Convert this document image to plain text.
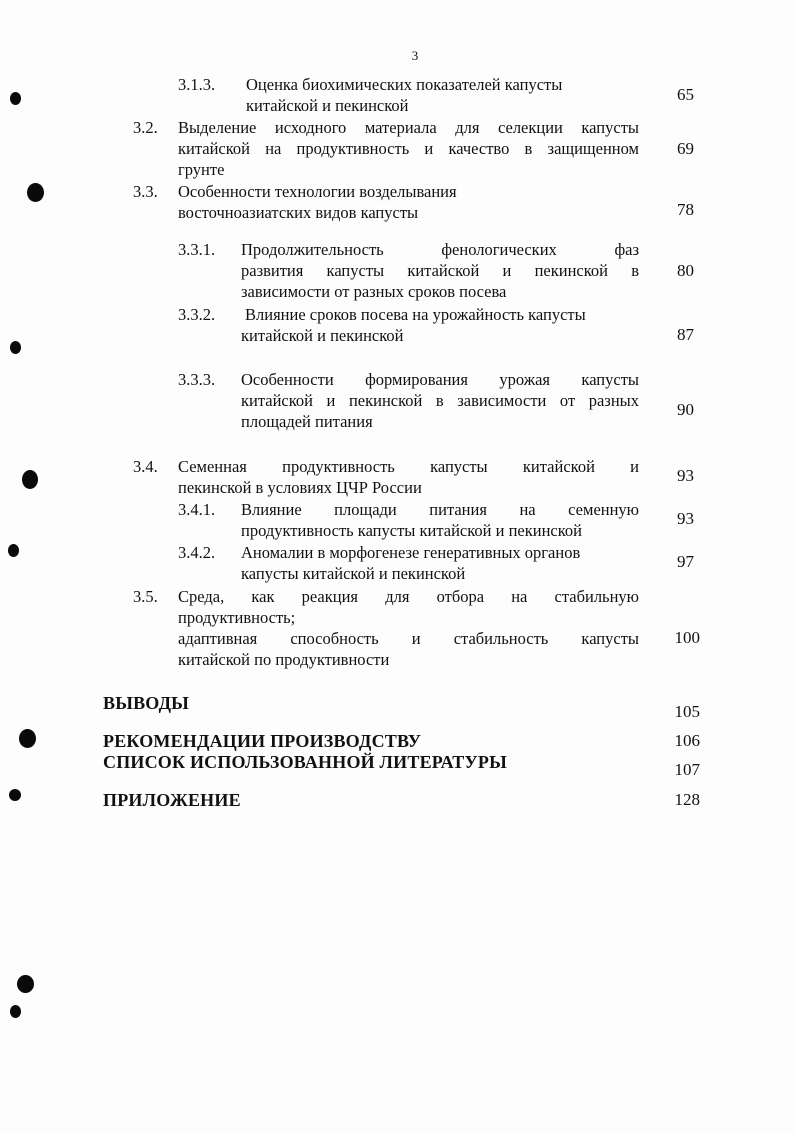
3
3.1.3. Оценка биохимических показателей капусты
китайской и пекинской
65
3.2. Выделение исходного материала для селекции капусты
китайской на продуктивность и качество в защищенном
грунте
69
3.3. Особенности технологии возделывания
восточноазиатских видов капусты	78
3.3.1. Продолжительность фенологических фаз
развития капусты китайской и пекинской в
зависимости от разных сроков посева
80
3.3.2. Влияние сроков посева на урожайность капусты
китайской и пекинской	87
3.3.3. Особенности формирования урожая капусты
китайской и пекинской в зависимости от разных
площадей питания
90
3.4. Семенная продуктивность капусты китайской и
пекинской в условиях ЦЧР России
93
3.4.1. Влияние площади питания на семенную
продуктивность капусты китайской и пекинской
93
3.4.2. Аномалии в морфогенезе генеративных органов
капусты китайской и пекинской
97
3.5. Среда, как реакция для отбора на стабильную
продуктивность;
адаптивная способность и стабильность капусты
китайской по продуктивности
100
ВЫВОДЫ	105
РЕКОМЕНДАЦИИ ПРОИЗВОДСТВУ	106
СПИСОК ИСПОЛЬЗОВАННОЙ ЛИТЕРАТУРЫ	107
ПРИЛОЖЕНИЕ	128
